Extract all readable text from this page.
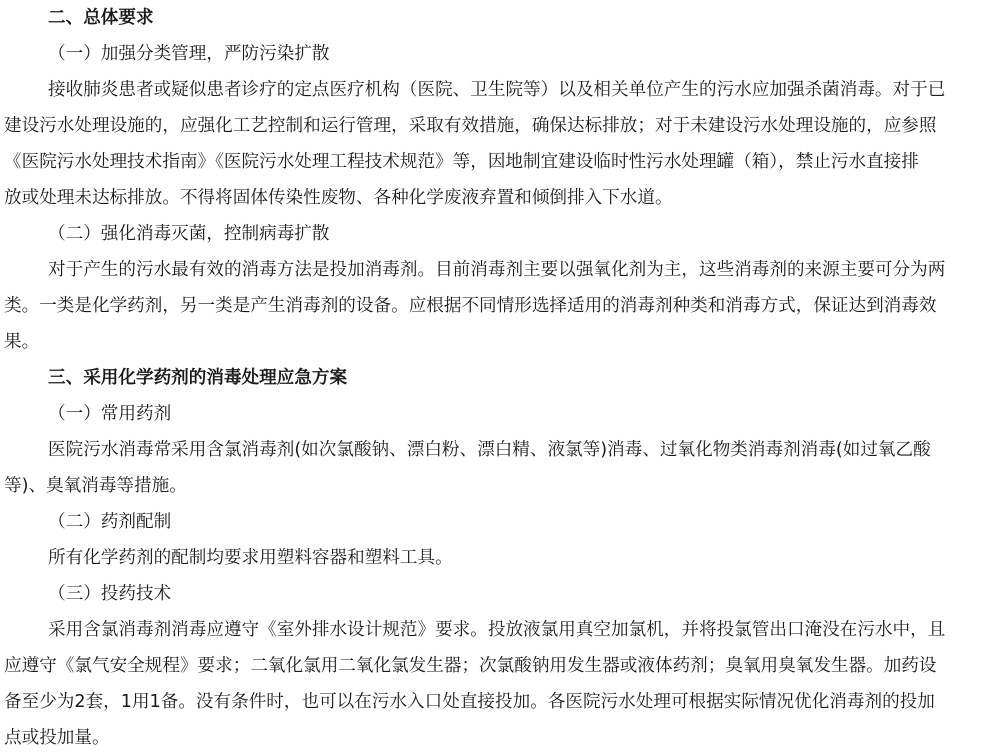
二、总体要求
（一）加强分类管理，严防污染扩散
接收肺炎患者或疑似患者诊疗的定点医疗机构（医院、卫生院等）以及相关单位产生的污水应加强杀菌消毒。对于已
建设污水处理设施的，应强化工艺控制和运行管理，采取有效措施，确保达标排放；对于未建设污水处理设施的，应参照
《医院污水处理技术指南》《医院污水处理工程技术规范》等，因地制宜建设临时性污水处理罐（箱），禁止污水直接排
放或处理未达标排放。不得将固体传染性废物、各种化学废液弃置和倾倒排入下水道。
（二）强化消毒灭菌，控制病毒扩散
对于产生的污水最有效的消毒方法是投加消毒剂。目前消毒剂主要以强氧化剂为主，这些消毒剂的来源主要可分为两
类。一类是化学药剂，另一类是产生消毒剂的设备。应根据不同情形选择适用的消毒剂种类和消毒方式，保证达到消毒效
果。
三、采用化学药剂的消毒处理应急方案
（一）常用药剂
医院污水消毒常采用含氯消毒剂(如次氯酸钠、漂白粉、漂白精、液氯等)消毒、过氧化物类消毒剂消毒(如过氧乙酸
等)、臭氧消毒等措施。
（二）药剂配制
所有化学药剂的配制均要求用塑料容器和塑料工具。
（三）投药技术
采用含氯消毒剂消毒应遵守《室外排水设计规范》要求。投放液氯用真空加氯机，并将投氯管出口淹没在污水中，且
应遵守《氯气安全规程》要求；二氧化氯用二氧化氯发生器；次氯酸钠用发生器或液体药剂；臭氧用臭氧发生器。加药设
备至少为2套，1用1备。没有条件时，也可以在污水入口处直接投加。各医院污水处理可根据实际情况优化消毒剂的投加
点或投加量。
